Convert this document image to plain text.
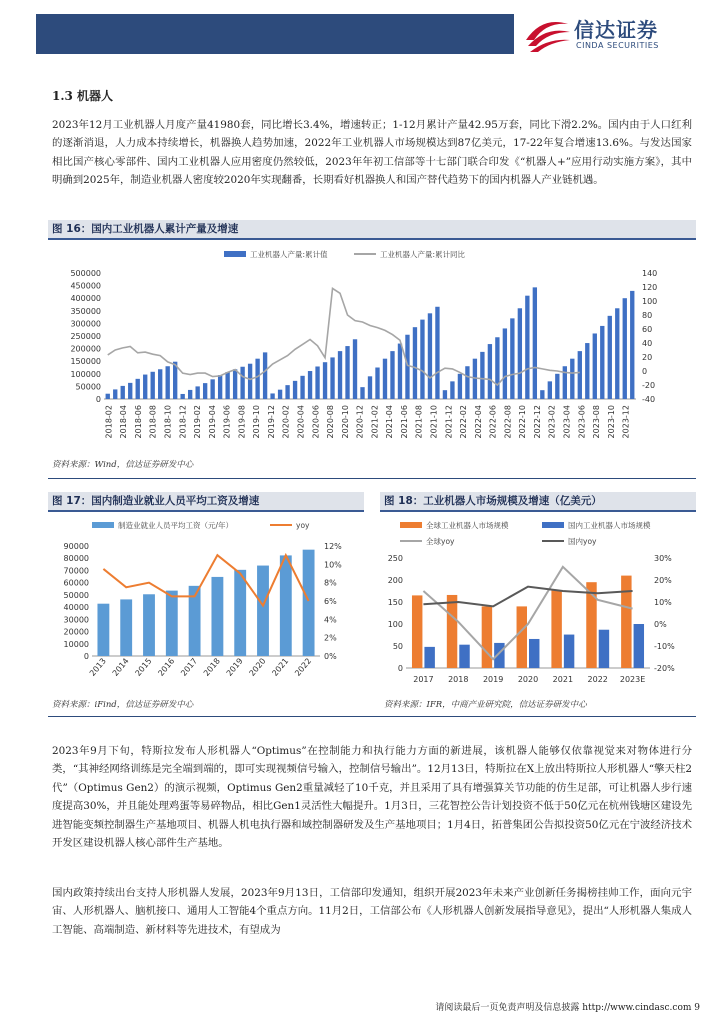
信达证券
CINDA SECURITIES
1.3 机器人

2023年12月工业机器人月度产量41980套，同比增长3.4%，增速转正；1-12月累计产量42.95万套，同比下滑2.2%。国内由于人口红利的逐渐消退，人力成本持续增长，机器换人趋势加速，2022年工业机器人市场规模达到87亿美元，17-22年复合增速13.6%。与发达国家相比国产核心零部件、国内工业机器人应用密度仍然较低，2023年年初工信部等十七部门联合印发《“机器人+”应用行动实施方案》，其中明确到2025年，制造业机器人密度较2020年实现翻番，长期看好机器换人和国产替代趋势下的国内机器人产业链机遇。

图 16：国内工业机器人累计产量及增速
工业机器人产量:累计值	工业机器人产量:累计同比
0
50000
100000
150000
200000
250000
300000
350000
400000
450000
500000
-40
-20
0
20
40
60
80
100
120
140
2018-02 2018-04 2018-06 2018-08 2018-10 2018-12 2019-02 2019-04 2019-06 2019-08 2019-10 2019-12 2020-02 2020-04 2020-06 2020-08 2020-10 2020-12 2021-02 2021-04 2021-06 2021-08 2021-10 2021-12 2022-02 2022-04 2022-06 2022-08 2022-10 2022-12 2023-02 2023-04 2023-06 2023-08 2023-10 2023-12
资料来源：Wind，信达证券研发中心
图 17：国内制造业就业人员平均工资及增速
制造业就业人员平均工资（元/年）	yoy
0
10000
20000
30000
40000
50000
60000
70000
80000
90000
0%
2%
4%
6%
8%
10%
12%
2013 2014 2015 2016 2017 2018 2019 2020 2021 2022
资料来源：iFind，信达证券研发中心
图 18：工业机器人市场规模及增速（亿美元）
全球工业机器人市场规模	国内工业机器人市场规模
全球yoy	国内yoy
0
50
100
150
200
250
-20%
-10%
0%
10%
20%
30%
2017 2018 2019 2020 2021 2022 2023E
资料来源：IFR，中商产业研究院，信达证券研发中心

2023年9月下旬，特斯拉发布人形机器人“Optimus”在控制能力和执行能力方面的新进展，该机器人能够仅依靠视觉来对物体进行分类，“其神经网络训练是完全端到端的，即可实现视频信号输入，控制信号输出”。12月13日，特斯拉在X上放出特斯拉人形机器人“擎天柱2代”（Optimus Gen2）的演示视频，Optimus Gen2重量减轻了10千克，并且采用了具有增强算关节功能的仿生足部，可让机器人步行速度提高30%，并且能处理鸡蛋等易碎物品，相比Gen1灵活性大幅提升。1月3日，三花智控公告计划投资不低于50亿元在杭州钱塘区建设先进智能变频控制器生产基地项目、机器人机电执行器和域控制器研发及生产基地项目；1月4日，拓普集团公告拟投资50亿元在宁波经济技术开发区建设机器人核心部件生产基地。

国内政策持续出台支持人形机器人发展，2023年9月13日，工信部印发通知，组织开展2023年未来产业创新任务揭榜挂帅工作，面向元宇宙、人形机器人、脑机接口、通用人工智能4个重点方向。11月2日，工信部公布《人形机器人创新发展指导意见》，提出“人形机器人集成人工智能、高端制造、新材料等先进技术，有望成为

请阅读最后一页免责声明及信息披露 http://www.cindasc.com 9
